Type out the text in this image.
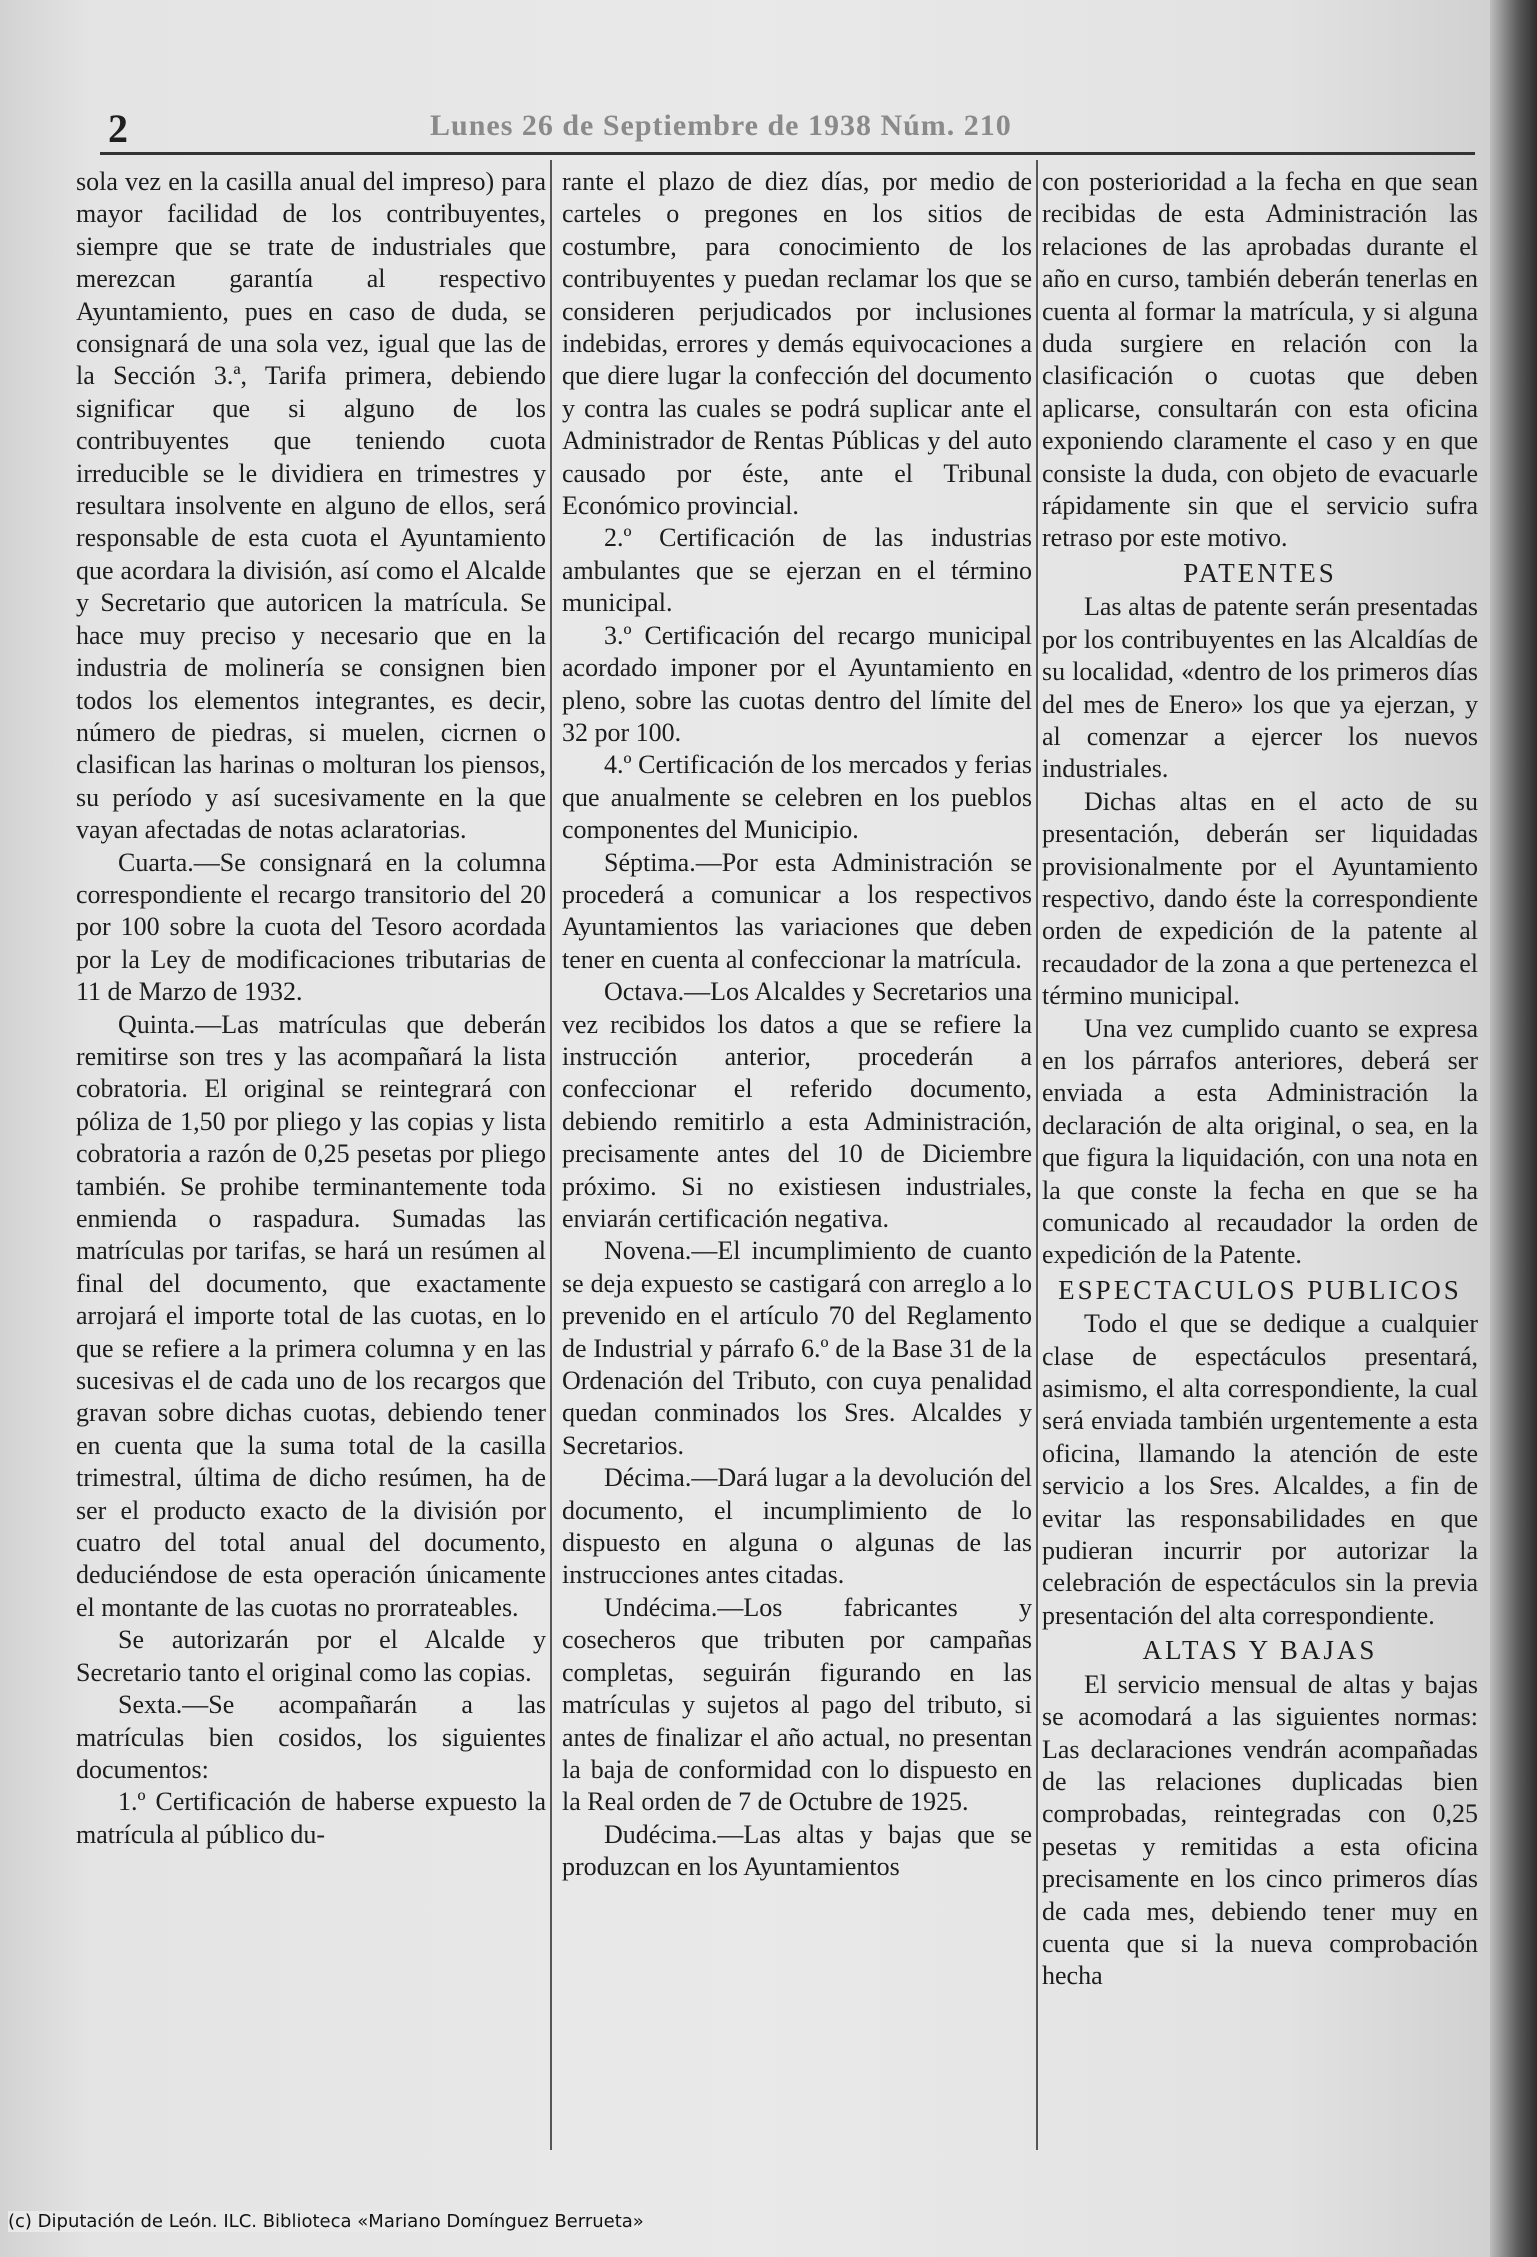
2	Lunes 26 de Septiembre de 1938 Núm. 210

sola vez en la casilla anual del impreso) para mayor facilidad de los contribuyentes, siempre que se trate de industriales que merezcan garantía al respectivo Ayuntamiento, pues en caso de duda, se consignará de una sola vez, igual que las de la Sección 3.ª, Tarifa primera, debiendo significar que si alguno de los contribuyentes que teniendo cuota irreducible se le dividiera en trimestres y resultara insolvente en alguno de ellos, será responsable de esta cuota el Ayuntamiento que acordara la división, así como el Alcalde y Secretario que autoricen la matrícula. Se hace muy preciso y necesario que en la industria de molinería se consignen bien todos los elementos integrantes, es decir, número de piedras, si muelen, cicrnen o clasifican las harinas o molturan los piensos, su período y así sucesivamente en la que vayan afectadas de notas aclaratorias.

Cuarta.—Se consignará en la columna correspondiente el recargo transitorio del 20 por 100 sobre la cuota del Tesoro acordada por la Ley de modificaciones tributarias de 11 de Marzo de 1932.

Quinta.—Las matrículas que deberán remitirse son tres y las acompañará la lista cobratoria. El original se reintegrará con póliza de 1,50 por pliego y las copias y lista cobratoria a razón de 0,25 pesetas por pliego también. Se prohibe terminantemente toda enmienda o raspadura. Sumadas las matrículas por tarifas, se hará un resúmen al final del documento, que exactamente arrojará el importe total de las cuotas, en lo que se refiere a la primera columna y en las sucesivas el de cada uno de los recargos que gravan sobre dichas cuotas, debiendo tener en cuenta que la suma total de la casilla trimestral, última de dicho resúmen, ha de ser el producto exacto de la división por cuatro del total anual del documento, deduciéndose de esta operación únicamente el montante de las cuotas no prorrateables.

Se autorizarán por el Alcalde y Secretario tanto el original como las copias.

Sexta.—Se acompañarán a las matrículas bien cosidos, los siguientes documentos:

1.º Certificación de haberse expuesto la matrícula al público du-

rante el plazo de diez días, por medio de carteles o pregones en los sitios de costumbre, para conocimiento de los contribuyentes y puedan reclamar los que se consideren perjudicados por inclusiones indebidas, errores y demás equivocaciones a que diere lugar la confección del documento y contra las cuales se podrá suplicar ante el Administrador de Rentas Públicas y del auto causado por éste, ante el Tribunal Económico provincial.

2.º Certificación de las industrias ambulantes que se ejerzan en el término municipal.

3.º Certificación del recargo municipal acordado imponer por el Ayuntamiento en pleno, sobre las cuotas dentro del límite del 32 por 100.

4.º Certificación de los mercados y ferias que anualmente se celebren en los pueblos componentes del Municipio.

Séptima.—Por esta Administración se procederá a comunicar a los respectivos Ayuntamientos las variaciones que deben tener en cuenta al confeccionar la matrícula.

Octava.—Los Alcaldes y Secretarios una vez recibidos los datos a que se refiere la instrucción anterior, procederán a confeccionar el referido documento, debiendo remitirlo a esta Administración, precisamente antes del 10 de Diciembre próximo. Si no existiesen industriales, enviarán certificación negativa.

Novena.—El incumplimiento de cuanto se deja expuesto se castigará con arreglo a lo prevenido en el artículo 70 del Reglamento de Industrial y párrafo 6.º de la Base 31 de la Ordenación del Tributo, con cuya penalidad quedan conminados los Sres. Alcaldes y Secretarios.

Décima.—Dará lugar a la devolución del documento, el incumplimiento de lo dispuesto en alguna o algunas de las instrucciones antes citadas.

Undécima.—Los fabricantes y cosecheros que tributen por campañas completas, seguirán figurando en las matrículas y sujetos al pago del tributo, si antes de finalizar el año actual, no presentan la baja de conformidad con lo dispuesto en la Real orden de 7 de Octubre de 1925.

Dudécima.—Las altas y bajas que se produzcan en los Ayuntamientos

con posterioridad a la fecha en que sean recibidas de esta Administración las relaciones de las aprobadas durante el año en curso, también deberán tenerlas en cuenta al formar la matrícula, y si alguna duda surgiere en relación con la clasificación o cuotas que deben aplicarse, consultarán con esta oficina exponiendo claramente el caso y en que consiste la duda, con objeto de evacuarle rápidamente sin que el servicio sufra retraso por este motivo.

PATENTES

Las altas de patente serán presentadas por los contribuyentes en las Alcaldías de su localidad, «dentro de los primeros días del mes de Enero» los que ya ejerzan, y al comenzar a ejercer los nuevos industriales.

Dichas altas en el acto de su presentación, deberán ser liquidadas provisionalmente por el Ayuntamiento respectivo, dando éste la correspondiente orden de expedición de la patente al recaudador de la zona a que pertenezca el término municipal.

Una vez cumplido cuanto se expresa en los párrafos anteriores, deberá ser enviada a esta Administración la declaración de alta original, o sea, en la que figura la liquidación, con una nota en la que conste la fecha en que se ha comunicado al recaudador la orden de expedición de la Patente.

ESPECTACULOS PUBLICOS

Todo el que se dedique a cualquier clase de espectáculos presentará, asimismo, el alta correspondiente, la cual será enviada también urgentemente a esta oficina, llamando la atención de este servicio a los Sres. Alcaldes, a fin de evitar las responsabilidades en que pudieran incurrir por autorizar la celebración de espectáculos sin la previa presentación del alta correspondiente.

ALTAS Y BAJAS

El servicio mensual de altas y bajas se acomodará a las siguientes normas: Las declaraciones vendrán acompañadas de las relaciones duplicadas bien comprobadas, reintegradas con 0,25 pesetas y remitidas a esta oficina precisamente en los cinco primeros días de cada mes, debiendo tener muy en cuenta que si la nueva comprobación hecha

(c) Diputación de León. ILC. Biblioteca «Mariano Domínguez Berrueta»
